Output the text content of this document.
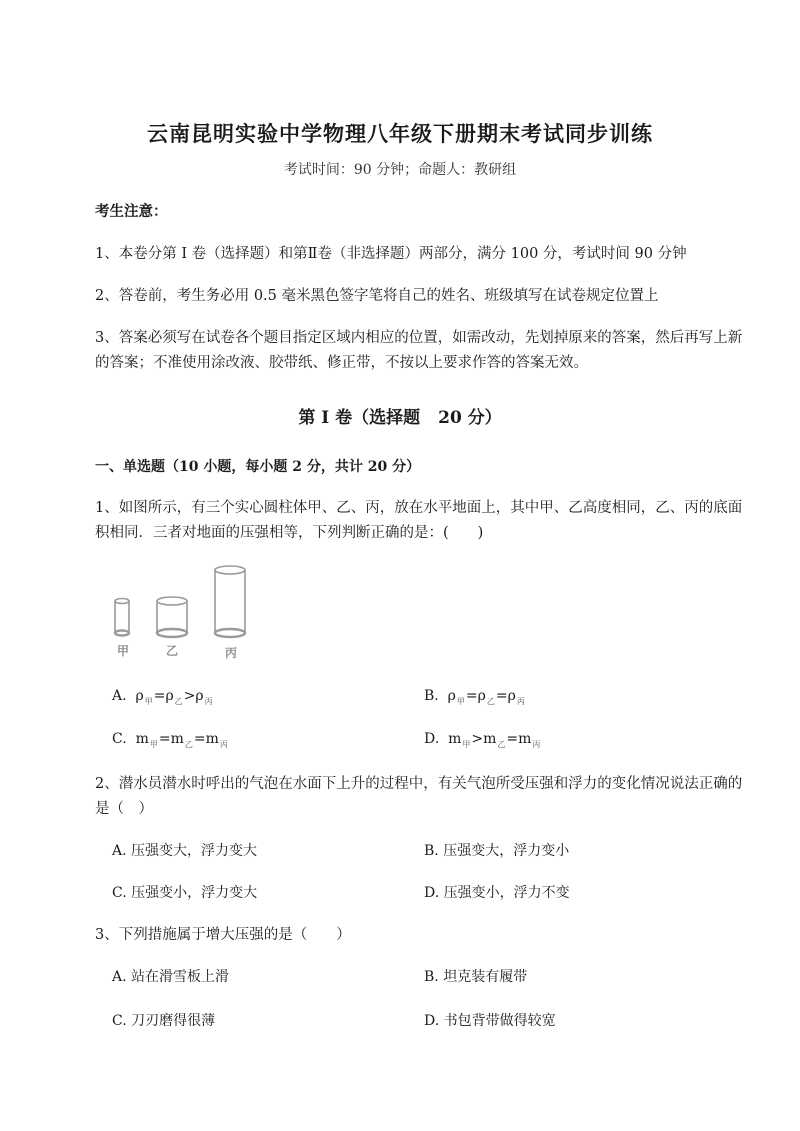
云南昆明实验中学物理八年级下册期末考试同步训练
考试时间：90 分钟；命题人：教研组
考生注意：
1、本卷分第 I 卷（选择题）和第Ⅱ卷（非选择题）两部分，满分 100 分，考试时间 90 分钟
2、答卷前，考生务必用 0.5 毫米黑色签字笔将自己的姓名、班级填写在试卷规定位置上
3、答案必须写在试卷各个题目指定区域内相应的位置，如需改动，先划掉原来的答案，然后再写上新
的答案；不准使用涂改液、胶带纸、修正带，不按以上要求作答的答案无效。
第 I 卷（选择题 20 分）
一、单选题（10 小题，每小题 2 分，共计 20 分）
1、如图所示，有三个实心圆柱体甲、乙、丙，放在水平地面上，其中甲、乙高度相同，乙、丙的底面
积相同．三者对地面的压强相等，下列判断正确的是：(　　)
甲	乙	丙
A. $\rho_甲=\rho_乙>\rho_丙$	B. $\rho_甲=\rho_乙=\rho_丙$
C. $m_甲=m_乙=m_丙$	D. $m_甲>m_乙=m_丙$
2、潜水员潜水时呼出的气泡在水面下上升的过程中，有关气泡所受压强和浮力的变化情况说法正确的
是（　）
A. 压强变大，浮力变大	B. 压强变大，浮力变小
C. 压强变小，浮力变大	D. 压强变小，浮力不变
3、下列措施属于增大压强的是（　　）
A. 站在滑雪板上滑	B. 坦克装有履带
C. 刀刃磨得很薄	D. 书包背带做得较宽
